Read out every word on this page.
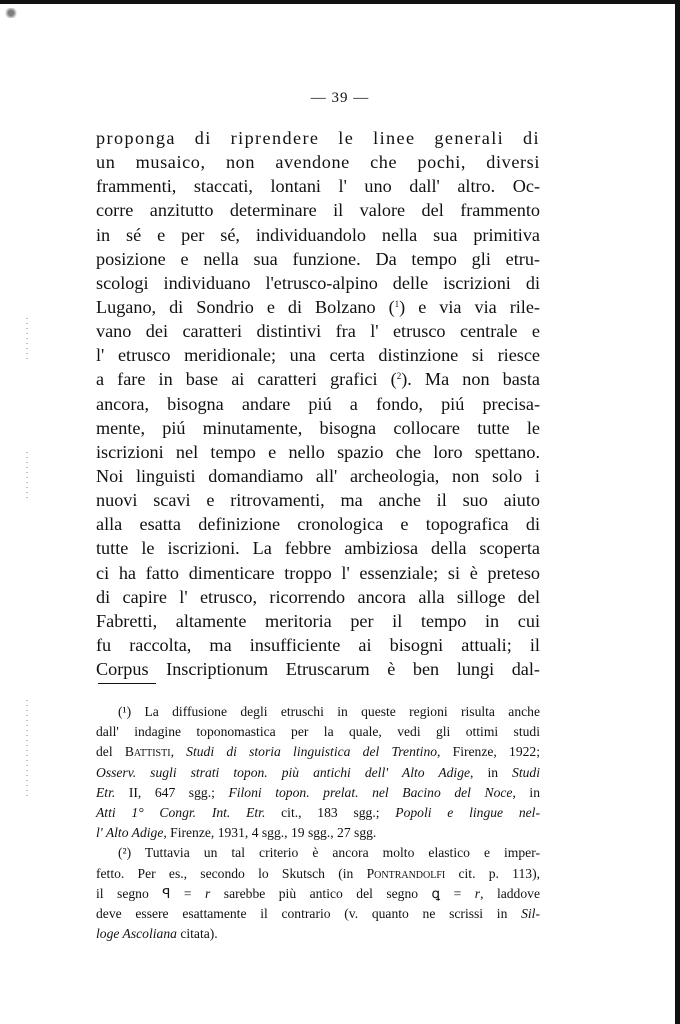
— 39 —
proponga di riprendere le linee generali di
un musaico, non avendone che pochi, diversi
frammenti, staccati, lontani l' uno dall' altro. Oc-
corre anzitutto determinare il valore del frammento
in sé e per sé, individuandolo nella sua primitiva
posizione e nella sua funzione. Da tempo gli etru-
scologi individuano l'etrusco-alpino delle iscrizioni di
Lugano, di Sondrio e di Bolzano ($^1$) e via via rile-
vano dei caratteri distintivi fra l' etrusco centrale e
l' etrusco meridionale; una certa distinzione si riesce
a fare in base ai caratteri grafici ($^2$). Ma non basta
ancora, bisogna andare piú a fondo, piú precisa-
mente, piú minutamente, bisogna collocare tutte le
iscrizioni nel tempo e nello spazio che loro spettano.
Noi linguisti domandiamo all' archeologia, non solo i
nuovi scavi e ritrovamenti, ma anche il suo aiuto
alla esatta definizione cronologica e topografica di
tutte le iscrizioni. La febbre ambiziosa della scoperta
ci ha fatto dimenticare troppo l' essenziale; si è preteso
di capire l' etrusco, ricorrendo ancora alla silloge del
Fabretti, altamente meritoria per il tempo in cui
fu raccolta, ma insufficiente ai bisogni attuali; il
Corpus Inscriptionum Etruscarum è ben lungi dal-
(¹) La diffusione degli etruschi in queste regioni risulta anche
dall' indagine toponomastica per la quale, vedi gli ottimi studi
del Battisti, Studi di storia linguistica del Trentino, Firenze, 1922;
Osserv. sugli strati topon. più antichi dell' Alto Adige, in Studi
Etr. II, 647 sgg.; Filoni topon. prelat. nel Bacino del Noce, in
Atti 1° Congr. Int. Etr. cit., 183 sgg.; Popoli e lingue nel-
l' Alto Adige, Firenze, 1931, 4 sgg., 19 sgg., 27 sgg.
(²) Tuttavia un tal criterio è ancora molto elastico e imper-
fetto. Per es., secondo lo Skutsch (in Pontrandolfi cit. p. 113),
il segno ꟼ = r sarebbe più antico del segno ꝗ = r, laddove
deve essere esattamente il contrario (v. quanto ne scrissi in Sil-
loge Ascoliana citata).
